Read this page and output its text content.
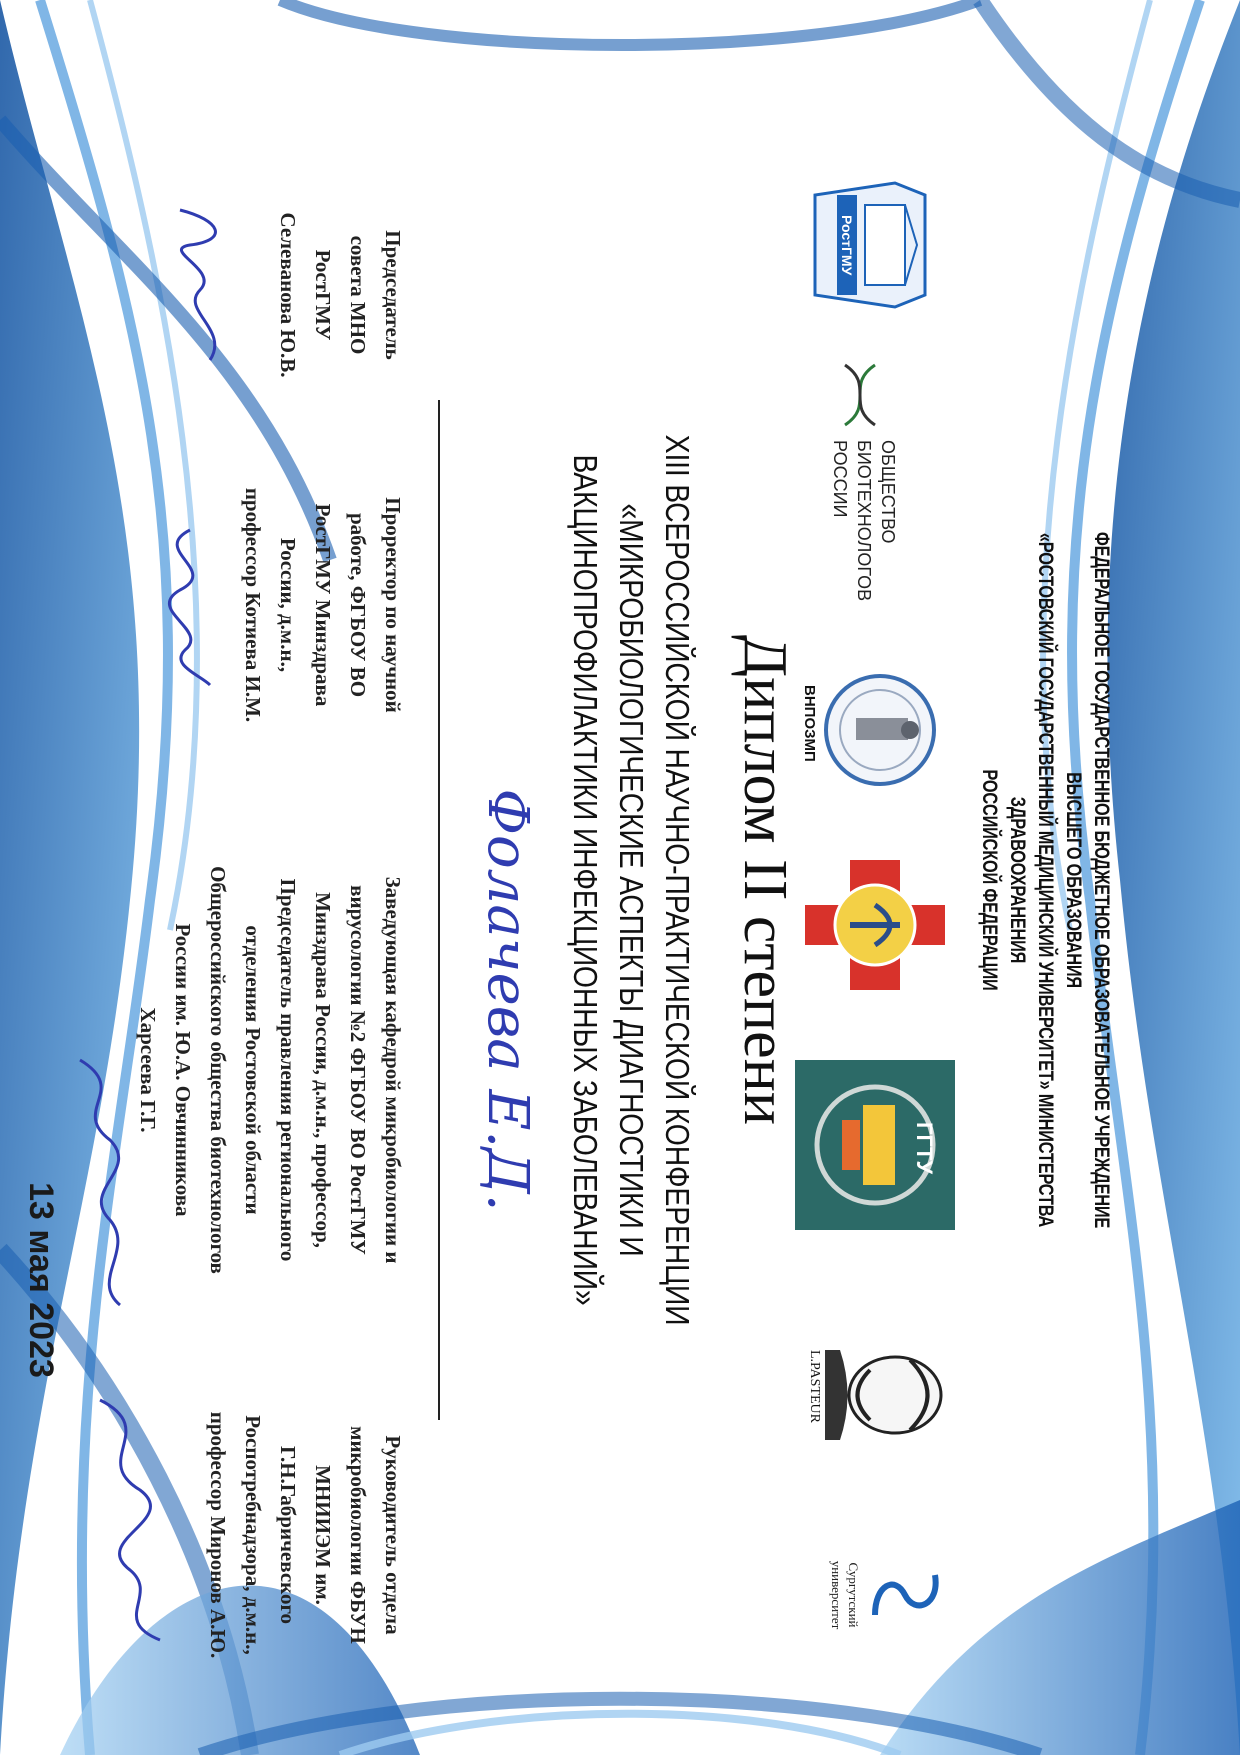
ФЕДЕРАЛЬНОЕ ГОСУДАРСТВЕННОЕ БЮДЖЕТНОЕ ОБРАЗОВАТЕЛЬНОЕ УЧРЕЖДЕНИЕ
ВЫСШЕГО ОБРАЗОВАНИЯ
«РОСТОВСКИЙ ГОСУДАРСТВЕННЫЙ МЕДИЦИНСКИЙ УНИВЕРСИТЕТ» МИНИСТЕРСТВА ЗДРАВООХРАНЕНИЯ
РОССИЙСКОЙ ФЕДЕРАЦИИ
РостГМУ
ОБЩЕСТВО
БИОТЕХНОЛОГОВ
РОССИИ
ВНПОЗМП
ГГТУ
L.PASTEUR
Сургутский
университет
Диплом II степени
XIII ВСЕРОССИЙСКОЙ НАУЧНО-ПРАКТИЧЕСКОЙ КОНФЕРЕНЦИИ
«МИКРОБИОЛОГИЧЕСКИЕ АСПЕКТЫ ДИАГНОСТИКИ И
ВАКЦИНОПРОФИЛАКТИКИ ИНФЕКЦИОННЫХ ЗАБОЛЕВАНИЙ»
Фолачева Е.Д.
Председатель
совета МНО
РостГМУ
Селеванова Ю.В.
Проректор по научной
работе, ФГБОУ ВО
РостГМУ Минздрава
России, д.м.н.,
профессор Котиева И.М.
Заведующая кафедрой микробиологии и
вирусологии №2 ФГБОУ ВО РостГМУ
Минздрава России, д.м.н., профессор,
Председатель правления регионального
отделения Ростовской области
Общероссийского общества биотехнологов
России им. Ю.А. Овчинникова
Харсеева Г.Г.
Руководитель отдела
микробиологии ФБУН
МНИИЭМ им.
Г.Н.Габричевского
Роспотребнадзора, д.м.н.,
профессор Миронов А.Ю.
13 мая 2023
